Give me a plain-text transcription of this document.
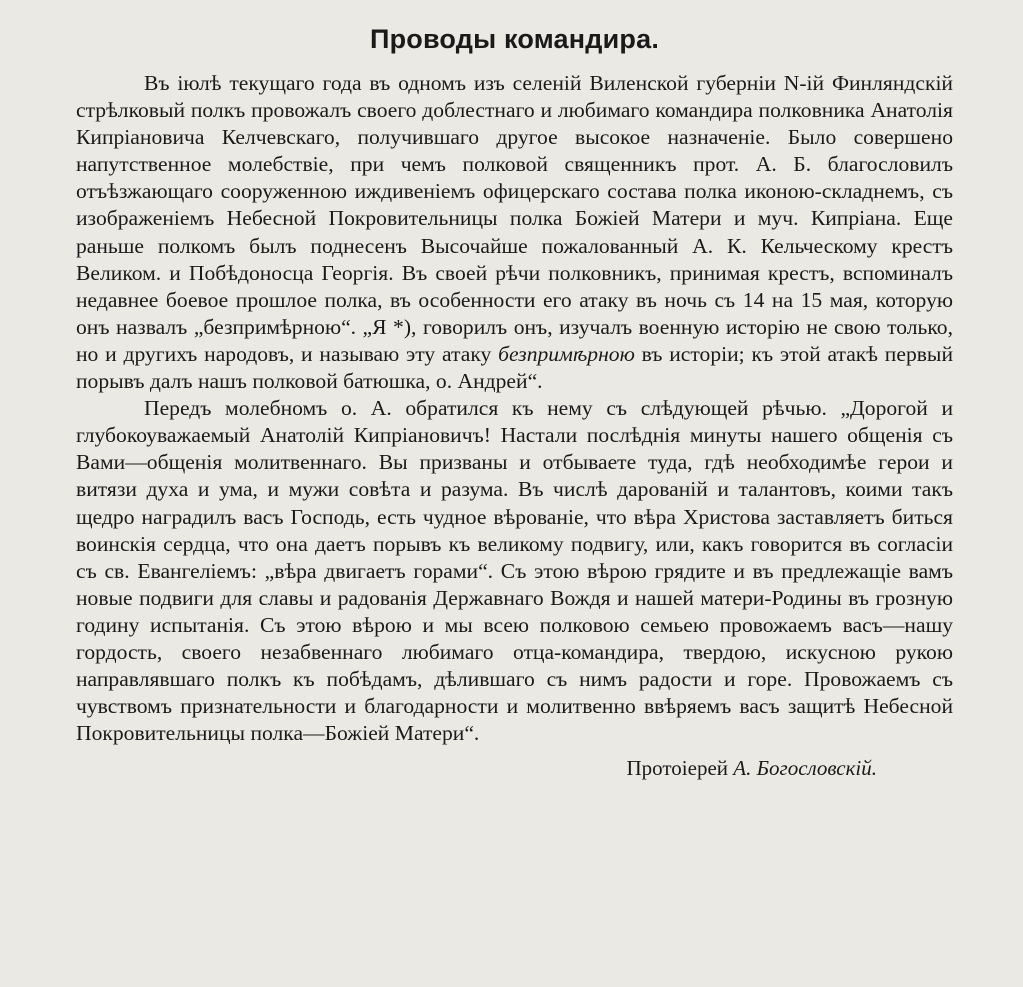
Проводы командира.

Въ іюлѣ текущаго года въ одномъ изъ селеній Виленской губерніи N-ій Финляндскій стрѣлковый полкъ провожалъ своего доблестнаго и любимаго командира полковника Анатолія Кипріановича Келчевскаго, получившаго другое высокое назначеніе. Было совершено напутственное молебствіе, при чемъ полковой священникъ прот. А. Б. благословилъ отъѣзжающаго сооруженною иждивеніемъ офицерскаго состава полка иконою-складнемъ, съ изображеніемъ Небесной Покровительницы полка Божіей Матери и муч. Кипріана. Еще раньше полкомъ былъ поднесенъ Высочайше пожалованный А. К. Кельческому крестъ Великом. и Побѣдоносца Георгія. Въ своей рѣчи полковникъ, принимая крестъ, вспоминалъ недавнее боевое прошлое полка, въ особенности его атаку въ ночь съ 14 на 15 мая, которую онъ назвалъ „безпримѣрною“. „Я *), говорилъ онъ, изучалъ военную исторію не свою только, но и другихъ народовъ, и называю эту атаку безпримѣрною въ исторіи; къ этой атакѣ первый порывъ далъ нашъ полковой батюшка, о. Андрей“.

Передъ молебномъ о. А. обратился къ нему съ слѣдующей рѣчью. „Дорогой и глубокоуважаемый Анатолій Кипріановичъ! Настали послѣднія минуты нашего общенія съ Вами—общенія молитвеннаго. Вы призваны и отбываете туда, гдѣ необходимѣе герои и витязи духа и ума, и мужи совѣта и разума. Въ числѣ дарованій и талантовъ, коими такъ щедро наградилъ васъ Господь, есть чудное вѣрованіе, что вѣра Христова заставляетъ биться воинскія сердца, что она даетъ порывъ къ великому подвигу, или, какъ говорится въ согласіи съ св. Евангеліемъ: „вѣра двигаетъ горами“. Съ этою вѣрою грядите и въ предлежащіе вамъ новые подвиги для славы и радованія Державнаго Вождя и нашей матери-Родины въ грозную годину испытанія. Съ этою вѣрою и мы всею полковою семьею провожаемъ васъ—нашу гордость, своего незабвеннаго любимаго отца-командира, твердою, искусною рукою направлявшаго полкъ къ побѣдамъ, дѣлившаго съ нимъ радости и горе. Провожаемъ съ чувствомъ признательности и благодарности и молитвенно ввѣряемъ васъ защитѣ Небесной Покровительницы полка—Божіей Матери“.

Протоіерей А. Богословскій.
